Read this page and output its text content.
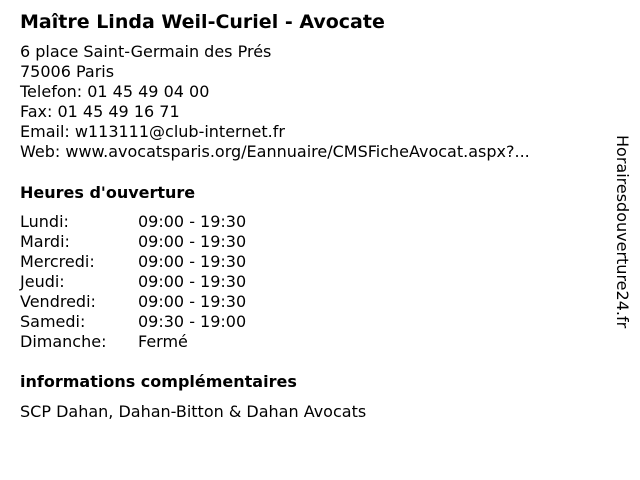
Maître Linda Weil-Curiel - Avocate
6 place Saint-Germain des Prés
75006 Paris
Telefon: 01 45 49 04 00
Fax: 01 45 49 16 71
Email: w113111@club-internet.fr
Web: www.avocatsparis.org/Eannuaire/CMSFicheAvocat.aspx?...
Heures d'ouverture
Lundi:	09:00 - 19:30
Mardi:	09:00 - 19:30
Mercredi:	09:00 - 19:30
Jeudi:	09:00 - 19:30
Vendredi:	09:00 - 19:30
Samedi:	09:30 - 19:00
Dimanche:	Fermé
informations complémentaires
SCP Dahan, Dahan-Bitton & Dahan Avocats
Horairesdouverture24.fr
